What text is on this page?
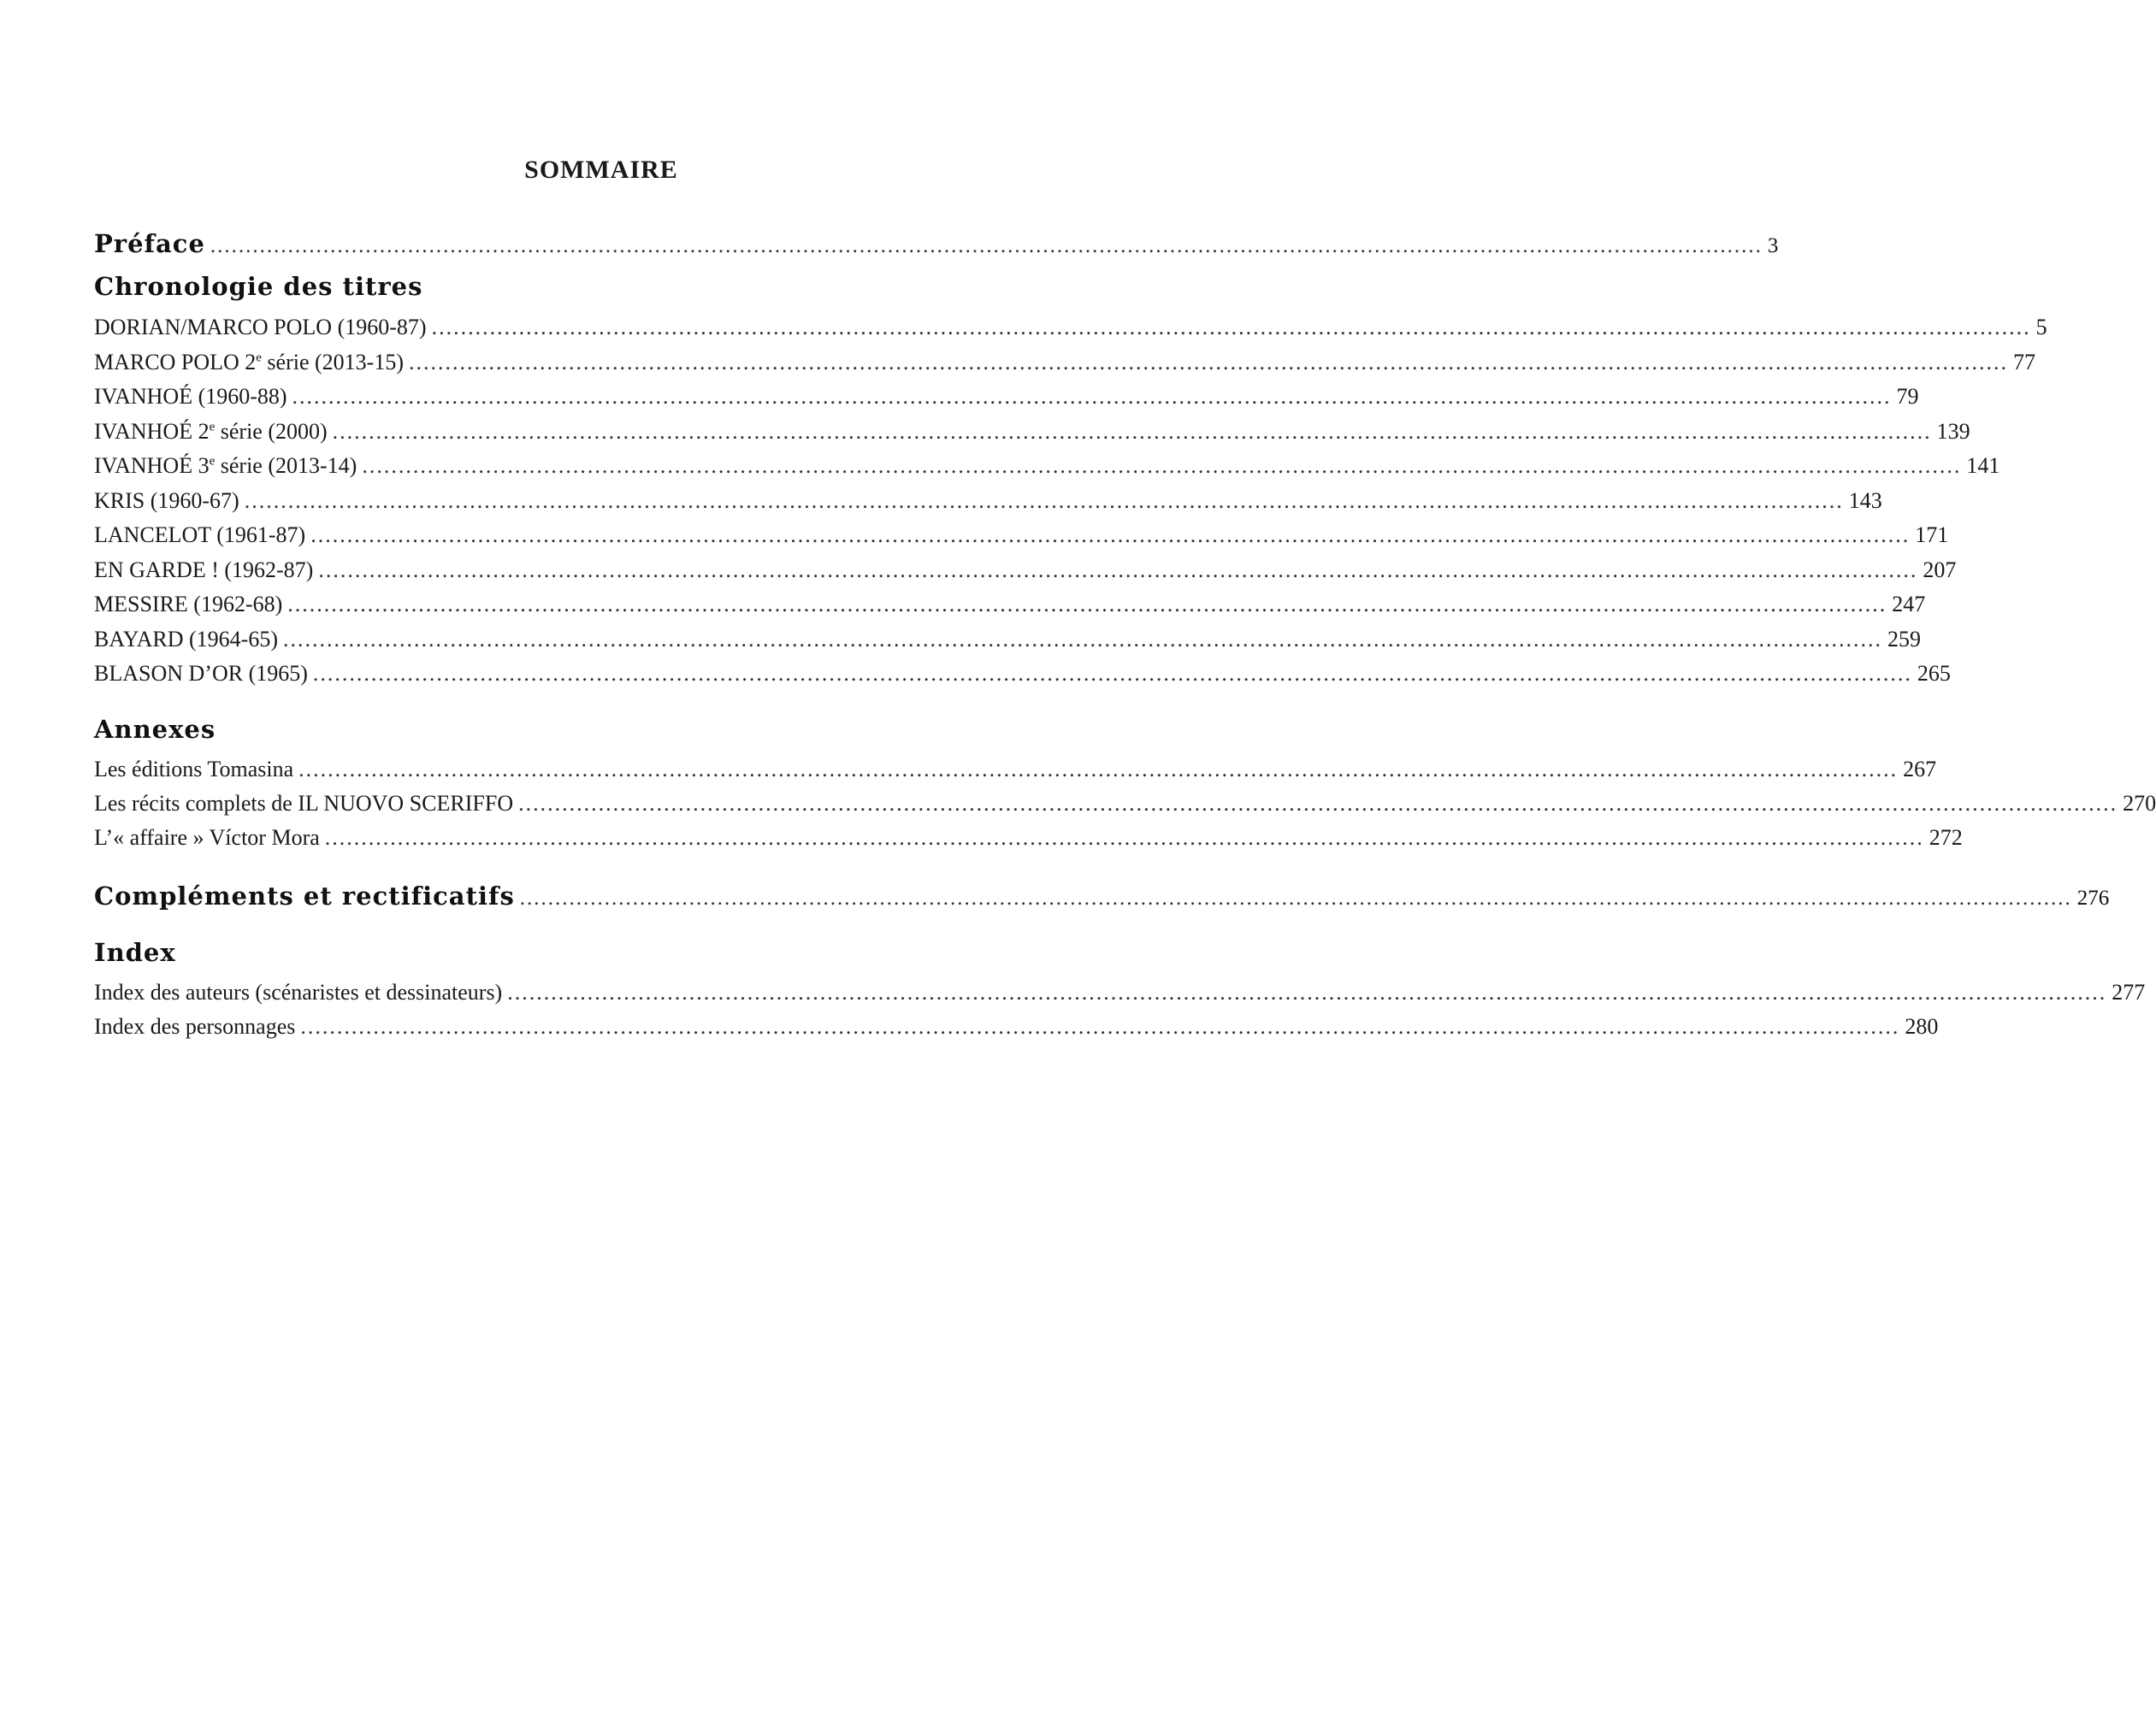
SOMMAIRE
Préface ............................................................................................................................................................................................................................ 3
Chronologie des titres
DORIAN/MARCO POLO (1960-87) ............................................................................................................................................................................................................................ 5
MARCO POLO 2e série (2013-15) ............................................................................................................................................................................................................................ 77
IVANHOÉ (1960-88) ............................................................................................................................................................................................................................ 79
IVANHOÉ 2e série (2000) ............................................................................................................................................................................................................................ 139
IVANHOÉ 3e série (2013-14) ............................................................................................................................................................................................................................ 141
KRIS (1960-67) ............................................................................................................................................................................................................................ 143
LANCELOT (1961-87) ............................................................................................................................................................................................................................ 171
EN GARDE ! (1962-87) ............................................................................................................................................................................................................................ 207
MESSIRE (1962-68) ............................................................................................................................................................................................................................ 247
BAYARD (1964-65) ............................................................................................................................................................................................................................ 259
BLASON D’OR (1965) ............................................................................................................................................................................................................................ 265
Annexes
Les éditions Tomasina ............................................................................................................................................................................................................................ 267
Les récits complets de IL NUOVO SCERIFFO ............................................................................................................................................................................................................................ 270
L’« affaire » Víctor Mora ............................................................................................................................................................................................................................ 272
Compléments et rectificatifs ............................................................................................................................................................................................................................ 276
Index
Index des auteurs (scénaristes et dessinateurs) ............................................................................................................................................................................................................................ 277
Index des personnages ............................................................................................................................................................................................................................ 280
